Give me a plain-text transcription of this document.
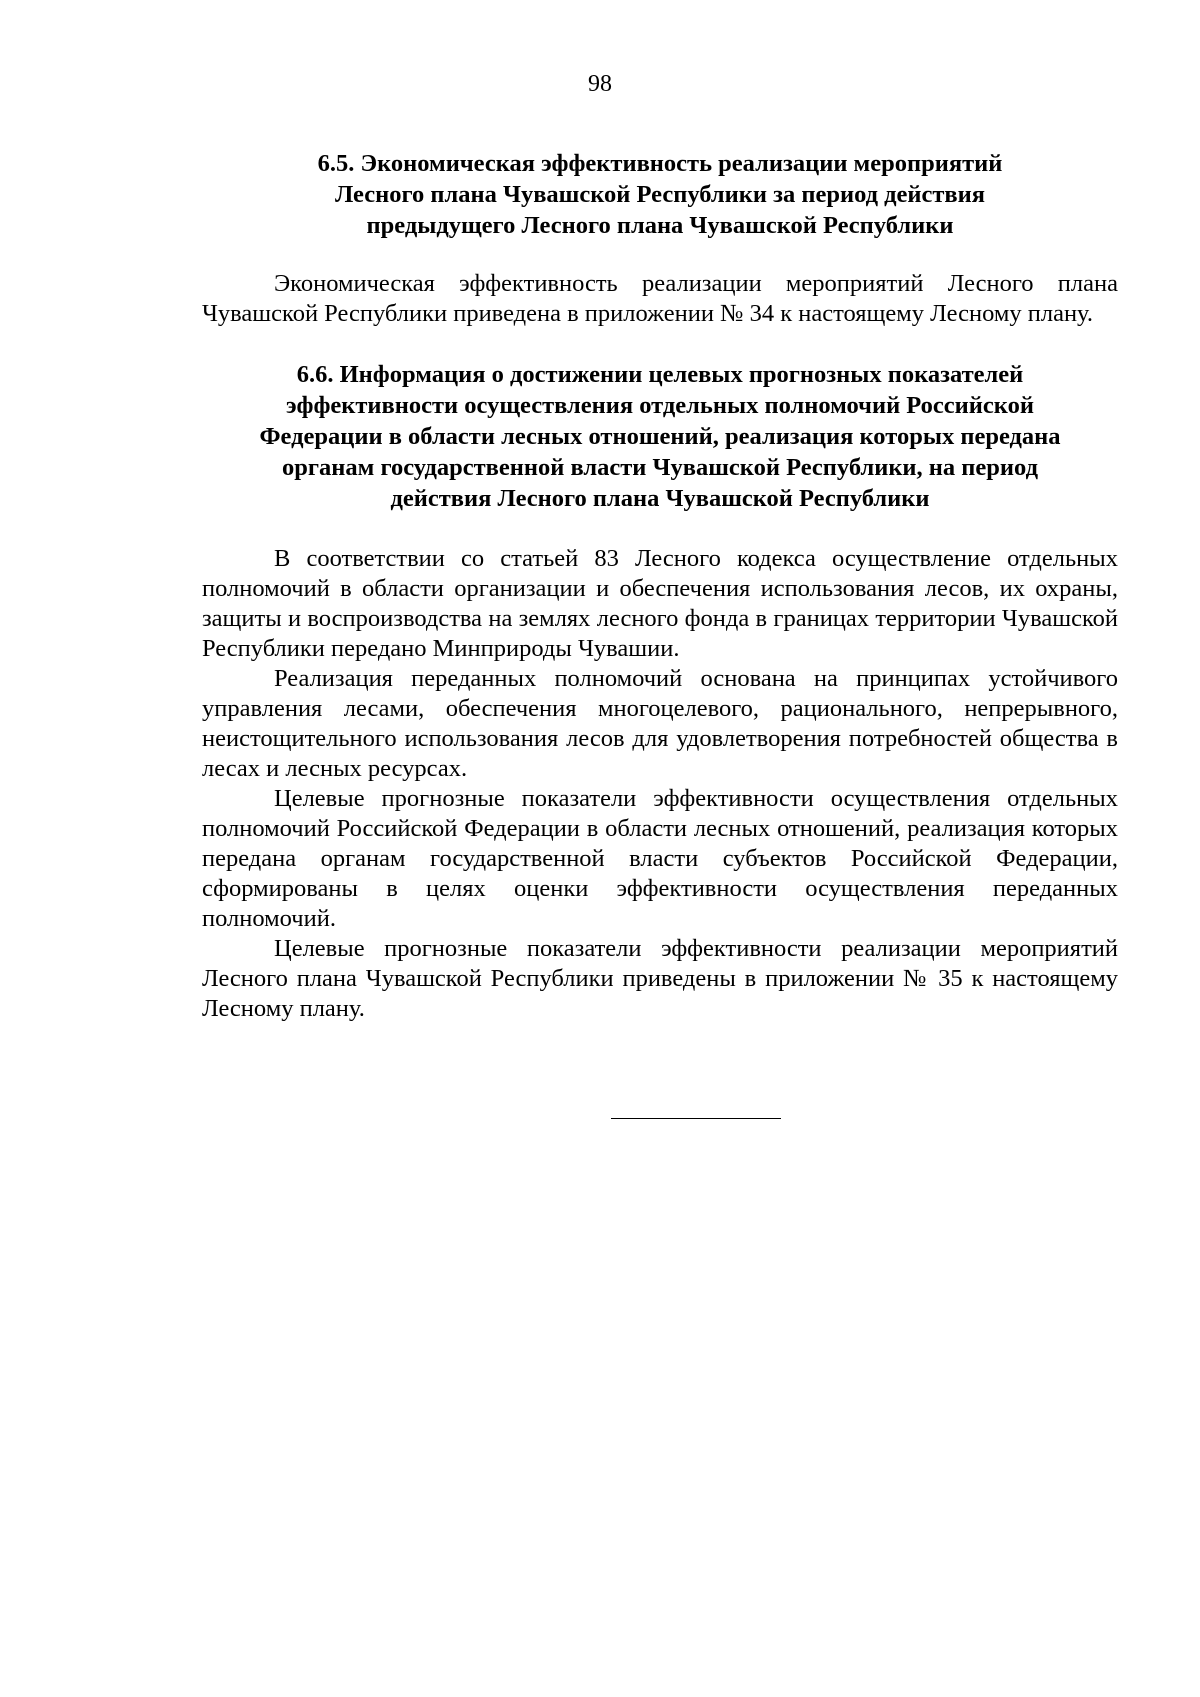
98
6.5. Экономическая эффективность реализации мероприятий
Лесного плана Чувашской Республики за период действия
предыдущего Лесного плана Чувашской Республики

Экономическая эффективность реализации мероприятий Лесного плана Чувашской Республики приведена в приложении № 34 к настоящему Лесному плану.

6.6. Информация о достижении целевых прогнозных показателей
эффективности осуществления отдельных полномочий Российской
Федерации в области лесных отношений, реализация которых передана
органам государственной власти Чувашской Республики, на период
действия Лесного плана Чувашской Республики

В соответствии со статьей 83 Лесного кодекса осуществление отдельных полномочий в области организации и обеспечения использования лесов, их охраны, защиты и воспроизводства на землях лесного фонда в границах территории Чувашской Республики передано Минприроды Чувашии.

Реализация переданных полномочий основана на принципах устойчивого управления лесами, обеспечения многоцелевого, рационального, непрерывного, неистощительного использования лесов для удовлетворения потребностей общества в лесах и лесных ресурсах.

Целевые прогнозные показатели эффективности осуществления отдельных полномочий Российской Федерации в области лесных отношений, реализация которых передана органам государственной власти субъектов Российской Федерации, сформированы в целях оценки эффективности осуществления переданных полномочий.

Целевые прогнозные показатели эффективности реализации мероприятий Лесного плана Чувашской Республики приведены в приложении № 35 к настоящему Лесному плану.
